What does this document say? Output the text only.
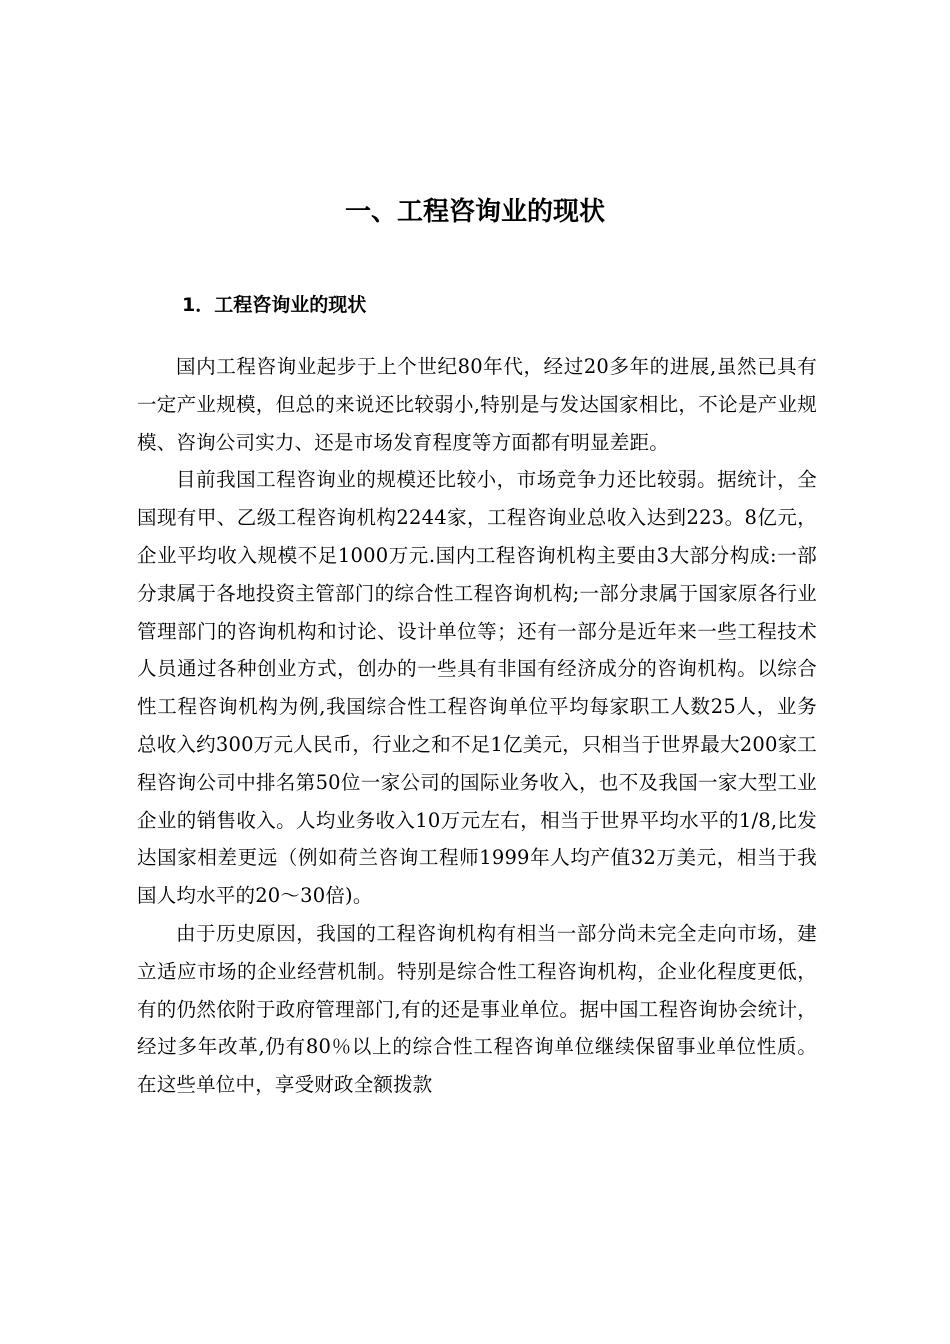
一、工程咨询业的现状
1．工程咨询业的现状

国内工程咨询业起步于上个世纪80年代，经过20多年的进展,虽然已具有一定产业规模，但总的来说还比较弱小,特别是与发达国家相比，不论是产业规模、咨询公司实力、还是市场发育程度等方面都有明显差距。

目前我国工程咨询业的规模还比较小，市场竞争力还比较弱。据统计，全国现有甲、乙级工程咨询机构2244家，工程咨询业总收入达到223。8亿元，企业平均收入规模不足1000万元.国内工程咨询机构主要由3大部分构成:一部分隶属于各地投资主管部门的综合性工程咨询机构;一部分隶属于国家原各行业管理部门的咨询机构和讨论、设计单位等；还有一部分是近年来一些工程技术人员通过各种创业方式，创办的一些具有非国有经济成分的咨询机构。以综合性工程咨询机构为例,我国综合性工程咨询单位平均每家职工人数25人，业务总收入约300万元人民币，行业之和不足1亿美元，只相当于世界最大200家工程咨询公司中排名第50位一家公司的国际业务收入，也不及我国一家大型工业企业的销售收入。人均业务收入10万元左右，相当于世界平均水平的1/8,比发达国家相差更远（例如荷兰咨询工程师1999年人均产值32万美元，相当于我国人均水平的20～30倍)。

由于历史原因，我国的工程咨询机构有相当一部分尚未完全走向市场，建立适应市场的企业经营机制。特别是综合性工程咨询机构，企业化程度更低，有的仍然依附于政府管理部门,有的还是事业单位。据中国工程咨询协会统计，经过多年改革,仍有80％以上的综合性工程咨询单位继续保留事业单位性质。在这些单位中，享受财政全额拨款
